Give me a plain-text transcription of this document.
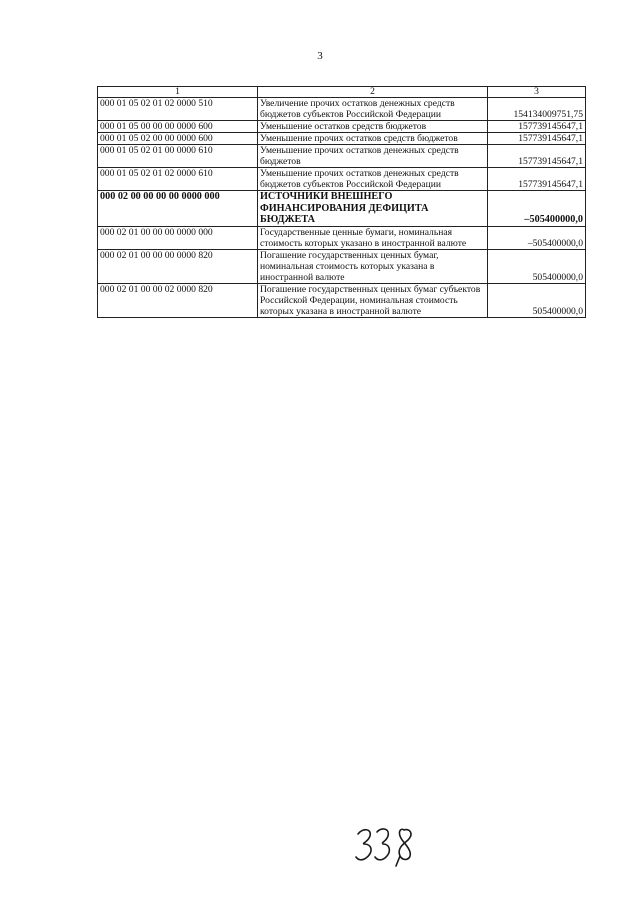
3
1	2	3
000 01 05 02 01 02 0000 510	Увеличение прочих остатков денежных средств бюджетов субъектов Российской Федерации	154134009751,75
000 01 05 00 00 00 0000 600	Уменьшение остатков средств бюджетов	157739145647,1
000 01 05 02 00 00 0000 600	Уменьшение прочих остатков средств бюджетов	157739145647,1
000 01 05 02 01 00 0000 610	Уменьшение прочих остатков денежных средств бюджетов	157739145647,1
000 01 05 02 01 02 0000 610	Уменьшение прочих остатков денежных средств бюджетов субъектов Российской Федерации	157739145647,1
000 02 00 00 00 00 0000 000	ИСТОЧНИКИ ВНЕШНЕГО ФИНАНСИРОВАНИЯ ДЕФИЦИТА БЮДЖЕТА	–505400000,0
000 02 01 00 00 00 0000 000	Государственные ценные бумаги, номинальная стоимость которых указано в иностранной валюте	–505400000,0
000 02 01 00 00 00 0000 820	Погашение государственных ценных бумаг, номинальная стоимость которых указана в иностранной валюте	505400000,0
000 02 01 00 00 02 0000 820	Погашение государственных ценных бумаг субъектов Российской Федерации, номинальная стоимость которых указана в иностранной валюте	505400000,0
